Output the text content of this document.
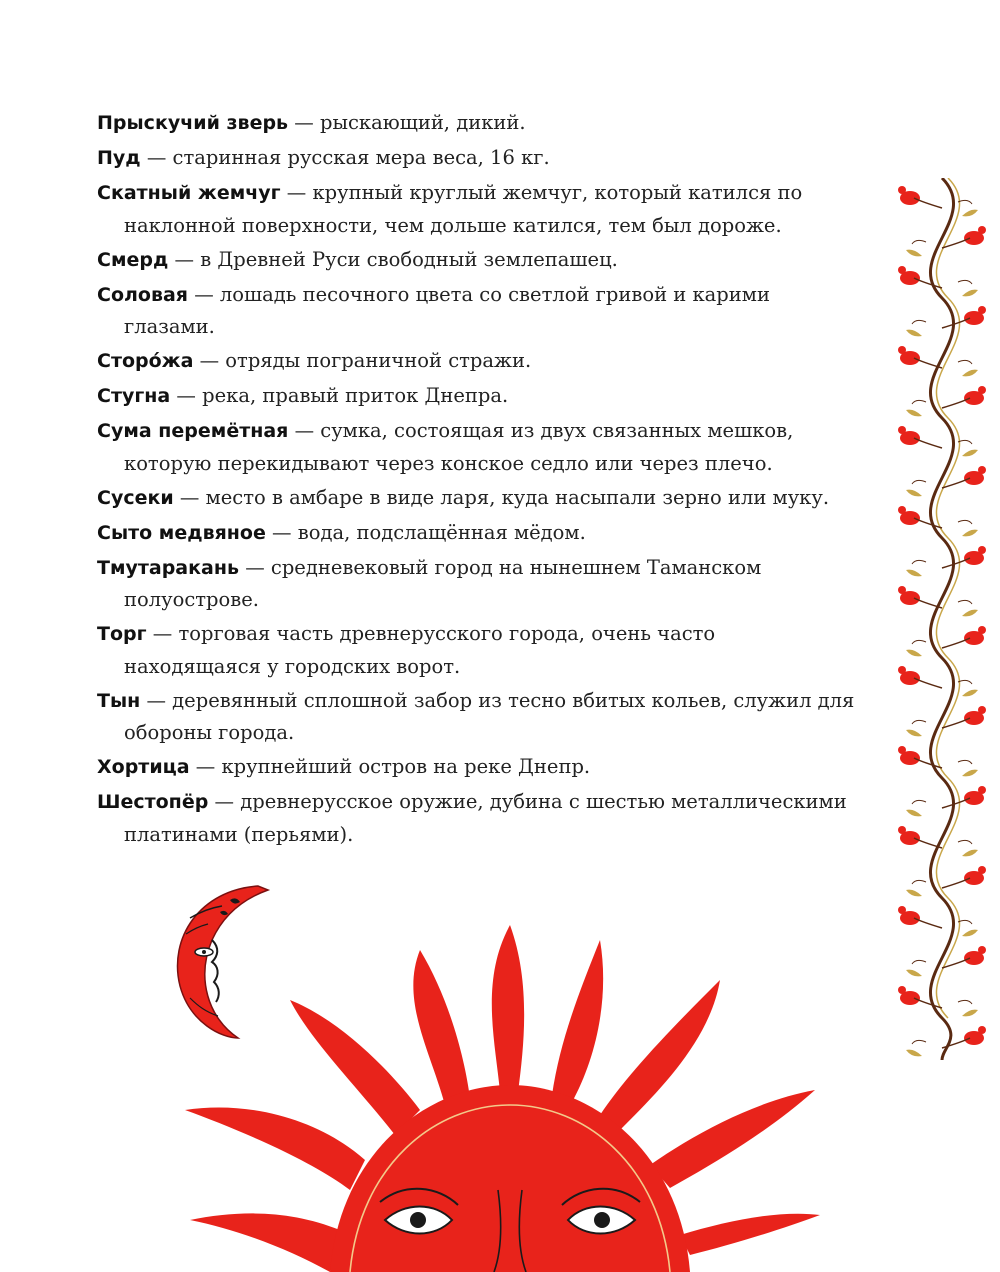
Прыскучий зверь — рыскающий, дикий.
Пуд — старинная русская мера веса, 16 кг.
Скатный жемчуг — крупный круглый жемчуг, который катился по наклонной поверхности, чем дольше катился, тем был дороже.
Смерд — в Древней Руси свободный землепашец.
Соловая — лошадь песочного цвета со светлой гривой и карими глазами.
Сторóжа — отряды пограничной стражи.
Стугна — река, правый приток Днепра.
Сума перемётная — сумка, состоящая из двух связанных мешков, которую перекидывают через конское седло или через плечо.
Сусеки — место в амбаре в виде ларя, куда насыпали зерно или муку.
Сыто медвяное — вода, подслащённая мёдом.
Тмутаракань — средневековый город на нынешнем Таманском полуострове.
Торг — торговая часть древнерусского города, очень часто находящаяся у городских ворот.
Тын — деревянный сплошной забор из тесно вбитых кольев, служил для обороны города.
Хортица — крупнейший остров на реке Днепр.
Шестопёр — древнерусское оружие, дубина с шестью металлическими платинами (перьями).
